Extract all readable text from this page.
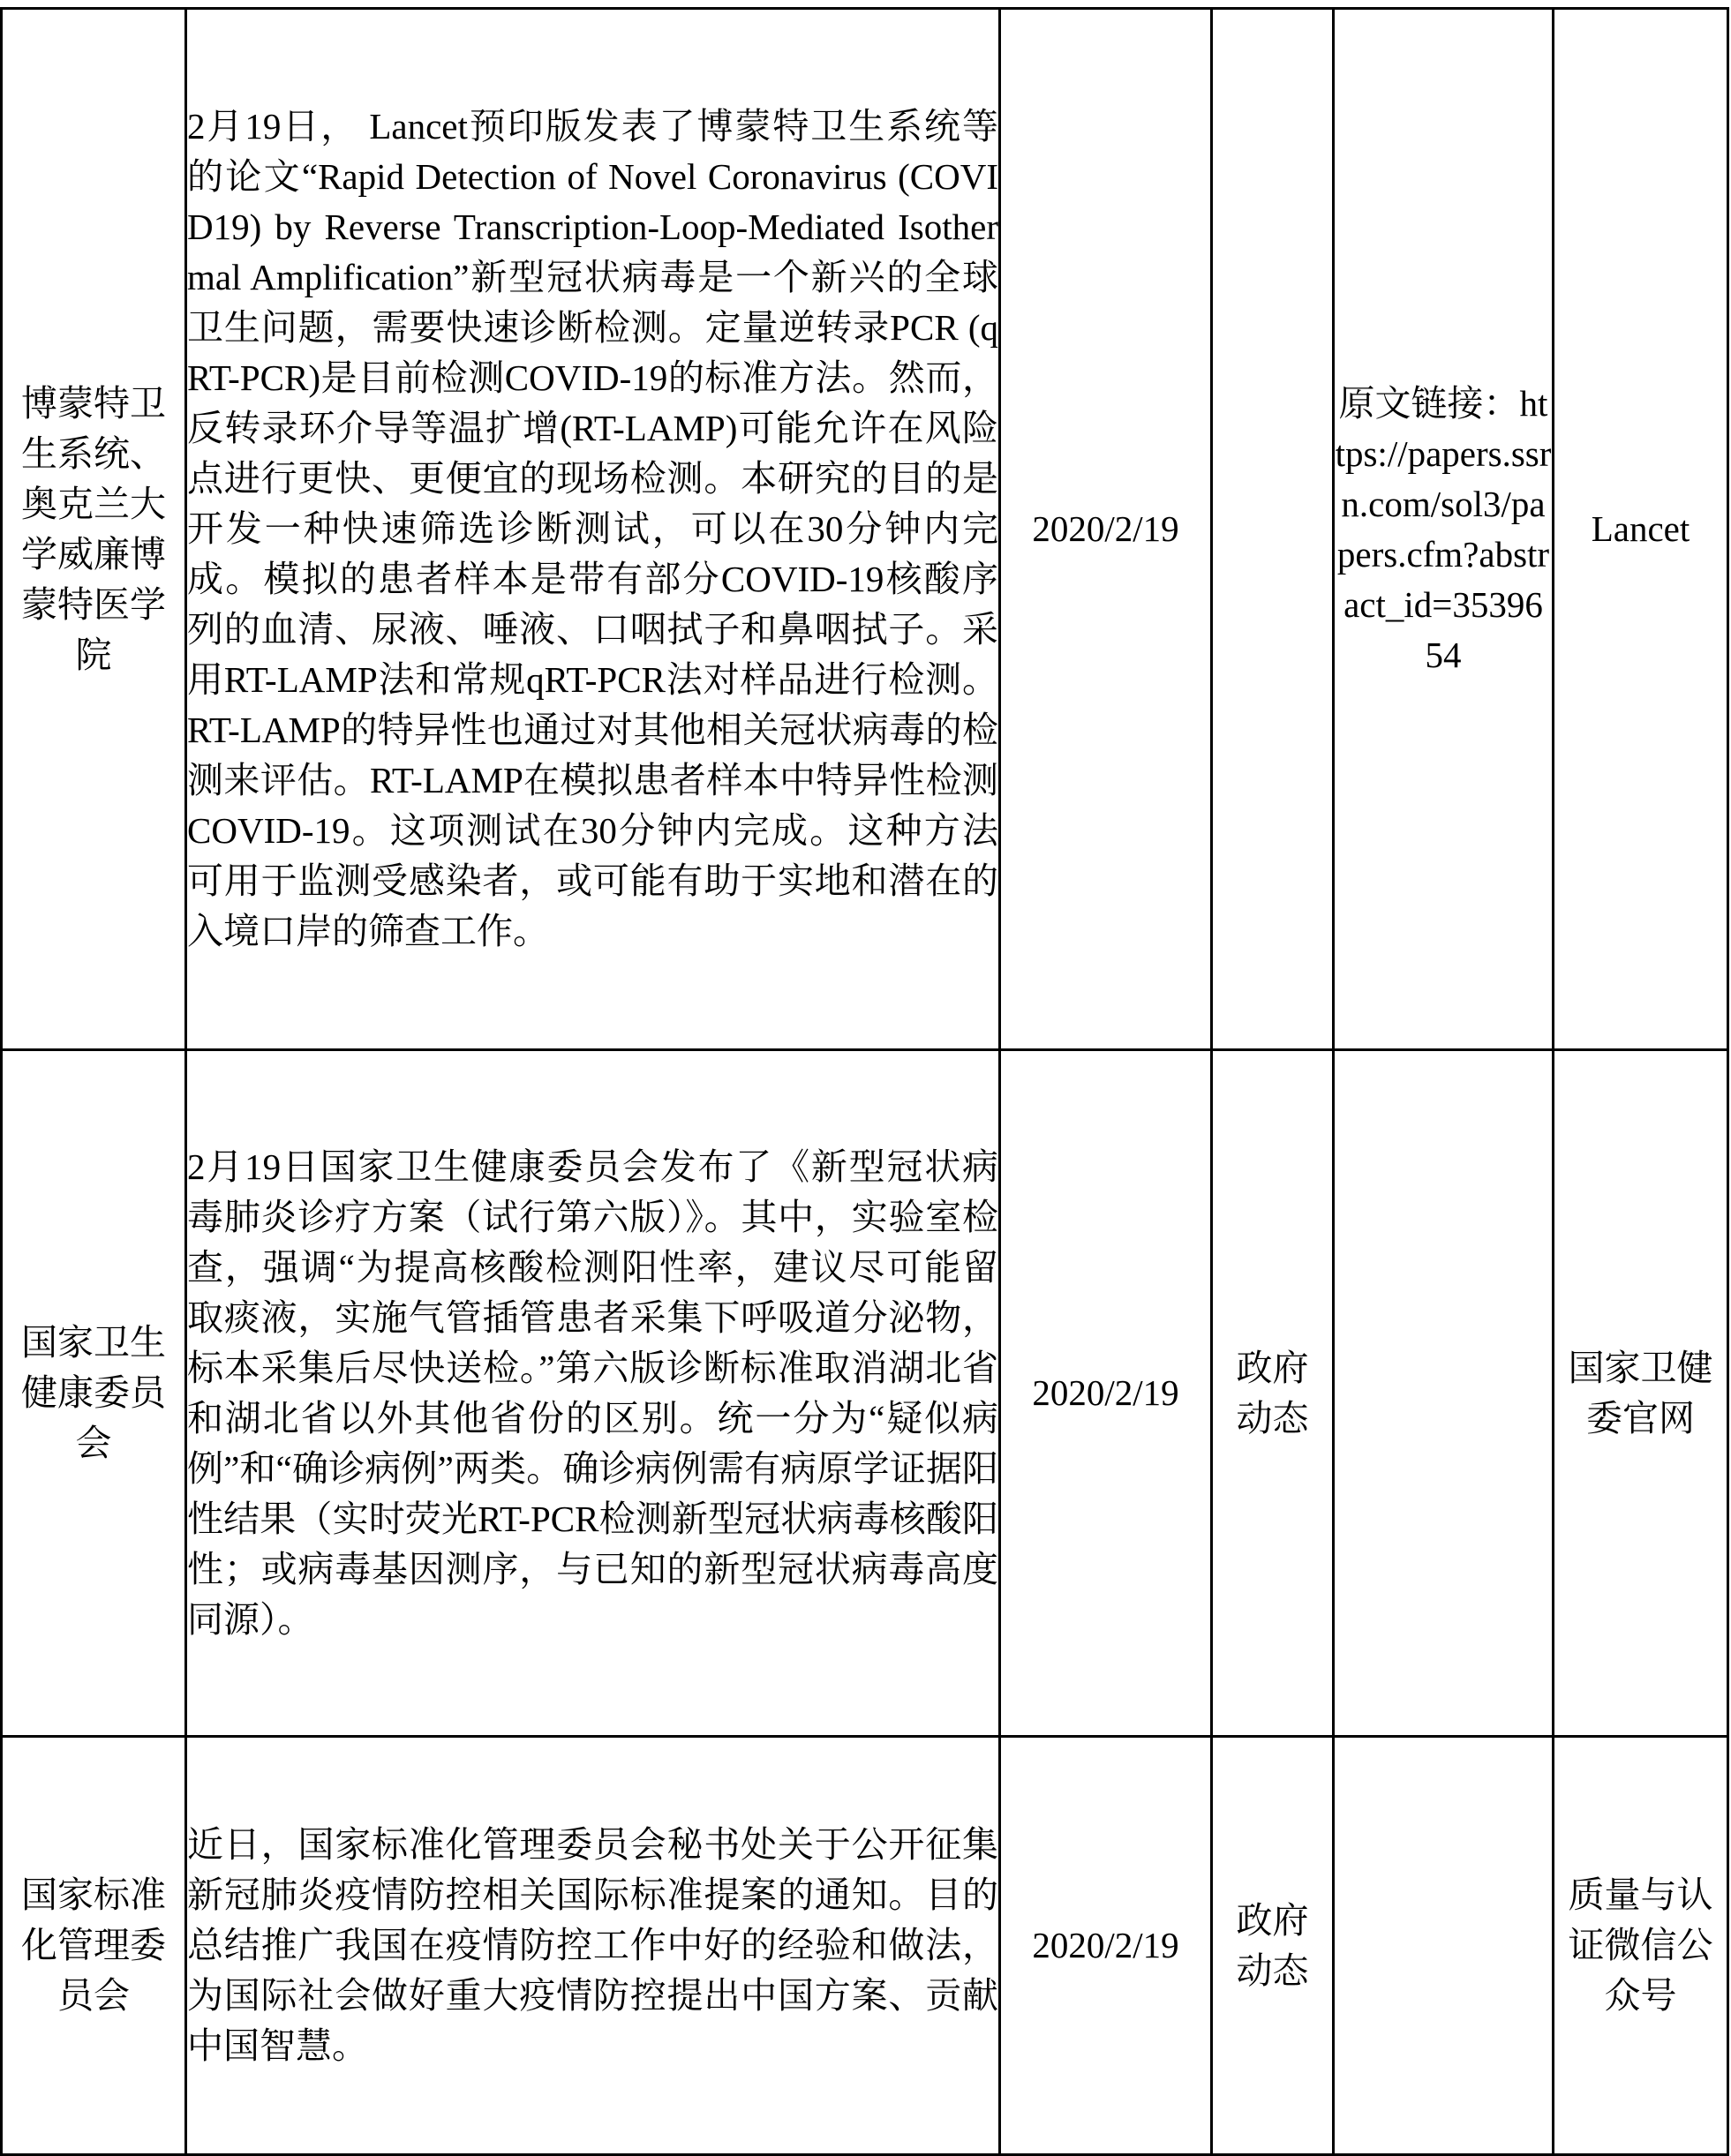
博蒙特卫生系统、奥克兰大学威廉博蒙特医学院	2月19日， Lancet预印版发表了博蒙特卫生系统等的论文“Rapid Detection of Novel Coronavirus (COVID19) by Reverse Transcription-Loop-Mediated Isothermal Amplification”新型冠状病毒是一个新兴的全球卫生问题，需要快速诊断检测。定量逆转录PCR (qRT-PCR)是目前检测COVID-19的标准方法。然而，反转录环介导等温扩增(RT-LAMP)可能允许在风险点进行更快、更便宜的现场检测。本研究的目的是开发一种快速筛选诊断测试，可以在30分钟内完成。模拟的患者样本是带有部分COVID-19核酸序列的血清、尿液、唾液、口咽拭子和鼻咽拭子。采用RT-LAMP法和常规qRT-PCR法对样品进行检测。RT-LAMP的特异性也通过对其他相关冠状病毒的检测来评估。RT-LAMP在模拟患者样本中特异性检测COVID-19。这项测试在30分钟内完成。这种方法可用于监测受感染者，或可能有助于实地和潜在的入境口岸的筛查工作。	2020/2/19		原文链接：https://papers.ssrn.com/sol3/papers.cfm?abstract_id=3539654	Lancet
国家卫生健康委员会	2月19日国家卫生健康委员会发布了《新型冠状病毒肺炎诊疗方案（试行第六版）》。其中，实验室检查，强调“为提高核酸检测阳性率，建议尽可能留取痰液，实施气管插管患者采集下呼吸道分泌物，标本采集后尽快送检。”第六版诊断标准取消湖北省和湖北省以外其他省份的区别。统一分为“疑似病例”和“确诊病例”两类。确诊病例需有病原学证据阳性结果（实时荧光RT-PCR检测新型冠状病毒核酸阳性；或病毒基因测序，与已知的新型冠状病毒高度同源）。	2020/2/19	政府动态		国家卫健委官网
国家标准化管理委员会	近日，国家标准化管理委员会秘书处关于公开征集新冠肺炎疫情防控相关国际标准提案的通知。目的总结推广我国在疫情防控工作中好的经验和做法，为国际社会做好重大疫情防控提出中国方案、贡献中国智慧。	2020/2/19	政府动态		质量与认证微信公众号
